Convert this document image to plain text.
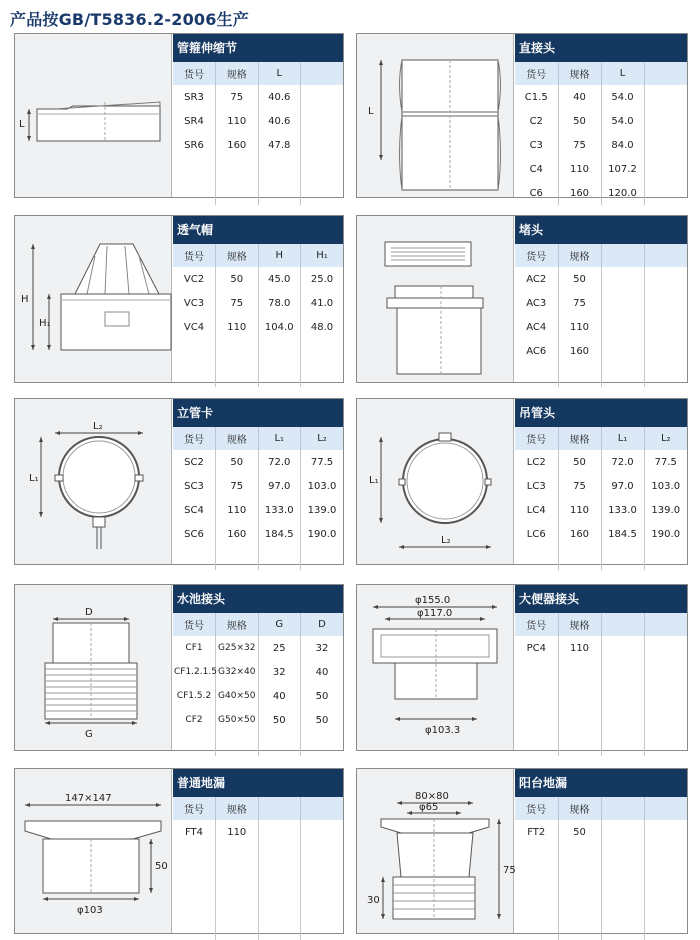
产品按GB/T5836.2-2006生产
L
管箍伸缩节
货号	规格	L	
SR3	75	40.6	
SR4	110	40.6	
SR6	160	47.8	

L
直接头
货号	规格	L	
C1.5	40	54.0	
C2	50	54.0	
C3	75	84.0	
C4	110	107.2	
C6	160	120.0	
H
H₁
透气帽
货号	规格	H	H₁
VC2	50	45.0	25.0
VC3	75	78.0	41.0
VC4	110	104.0	48.0

堵头
货号	规格		
AC2	50		
AC3	75		
AC4	110		
AC6	160		

L₂
L₁
立管卡
货号	规格	L₁	L₂
SC2	50	72.0	77.5
SC3	75	97.0	103.0
SC4	110	133.0	139.0
SC6	160	184.5	190.0

L₁
L₂
吊管头
货号	规格	L₁	L₂
LC2	50	72.0	77.5
LC3	75	97.0	103.0
LC4	110	133.0	139.0
LC6	160	184.5	190.0

D
G
水池接头
货号	规格	G	D
CF1	G25×32	25	32
CF1.2.1.5	G32×40	32	40
CF1.5.2	G40×50	40	50
CF2	G50×50	50	50

φ155.0
φ117.0
φ103.3
大便器接头
货号	规格		
PC4	110		

147×147
50
φ103
普通地漏
货号	规格		
FT4	110		

80×80
φ65
75
30
阳台地漏
货号	规格		
FT2	50		
